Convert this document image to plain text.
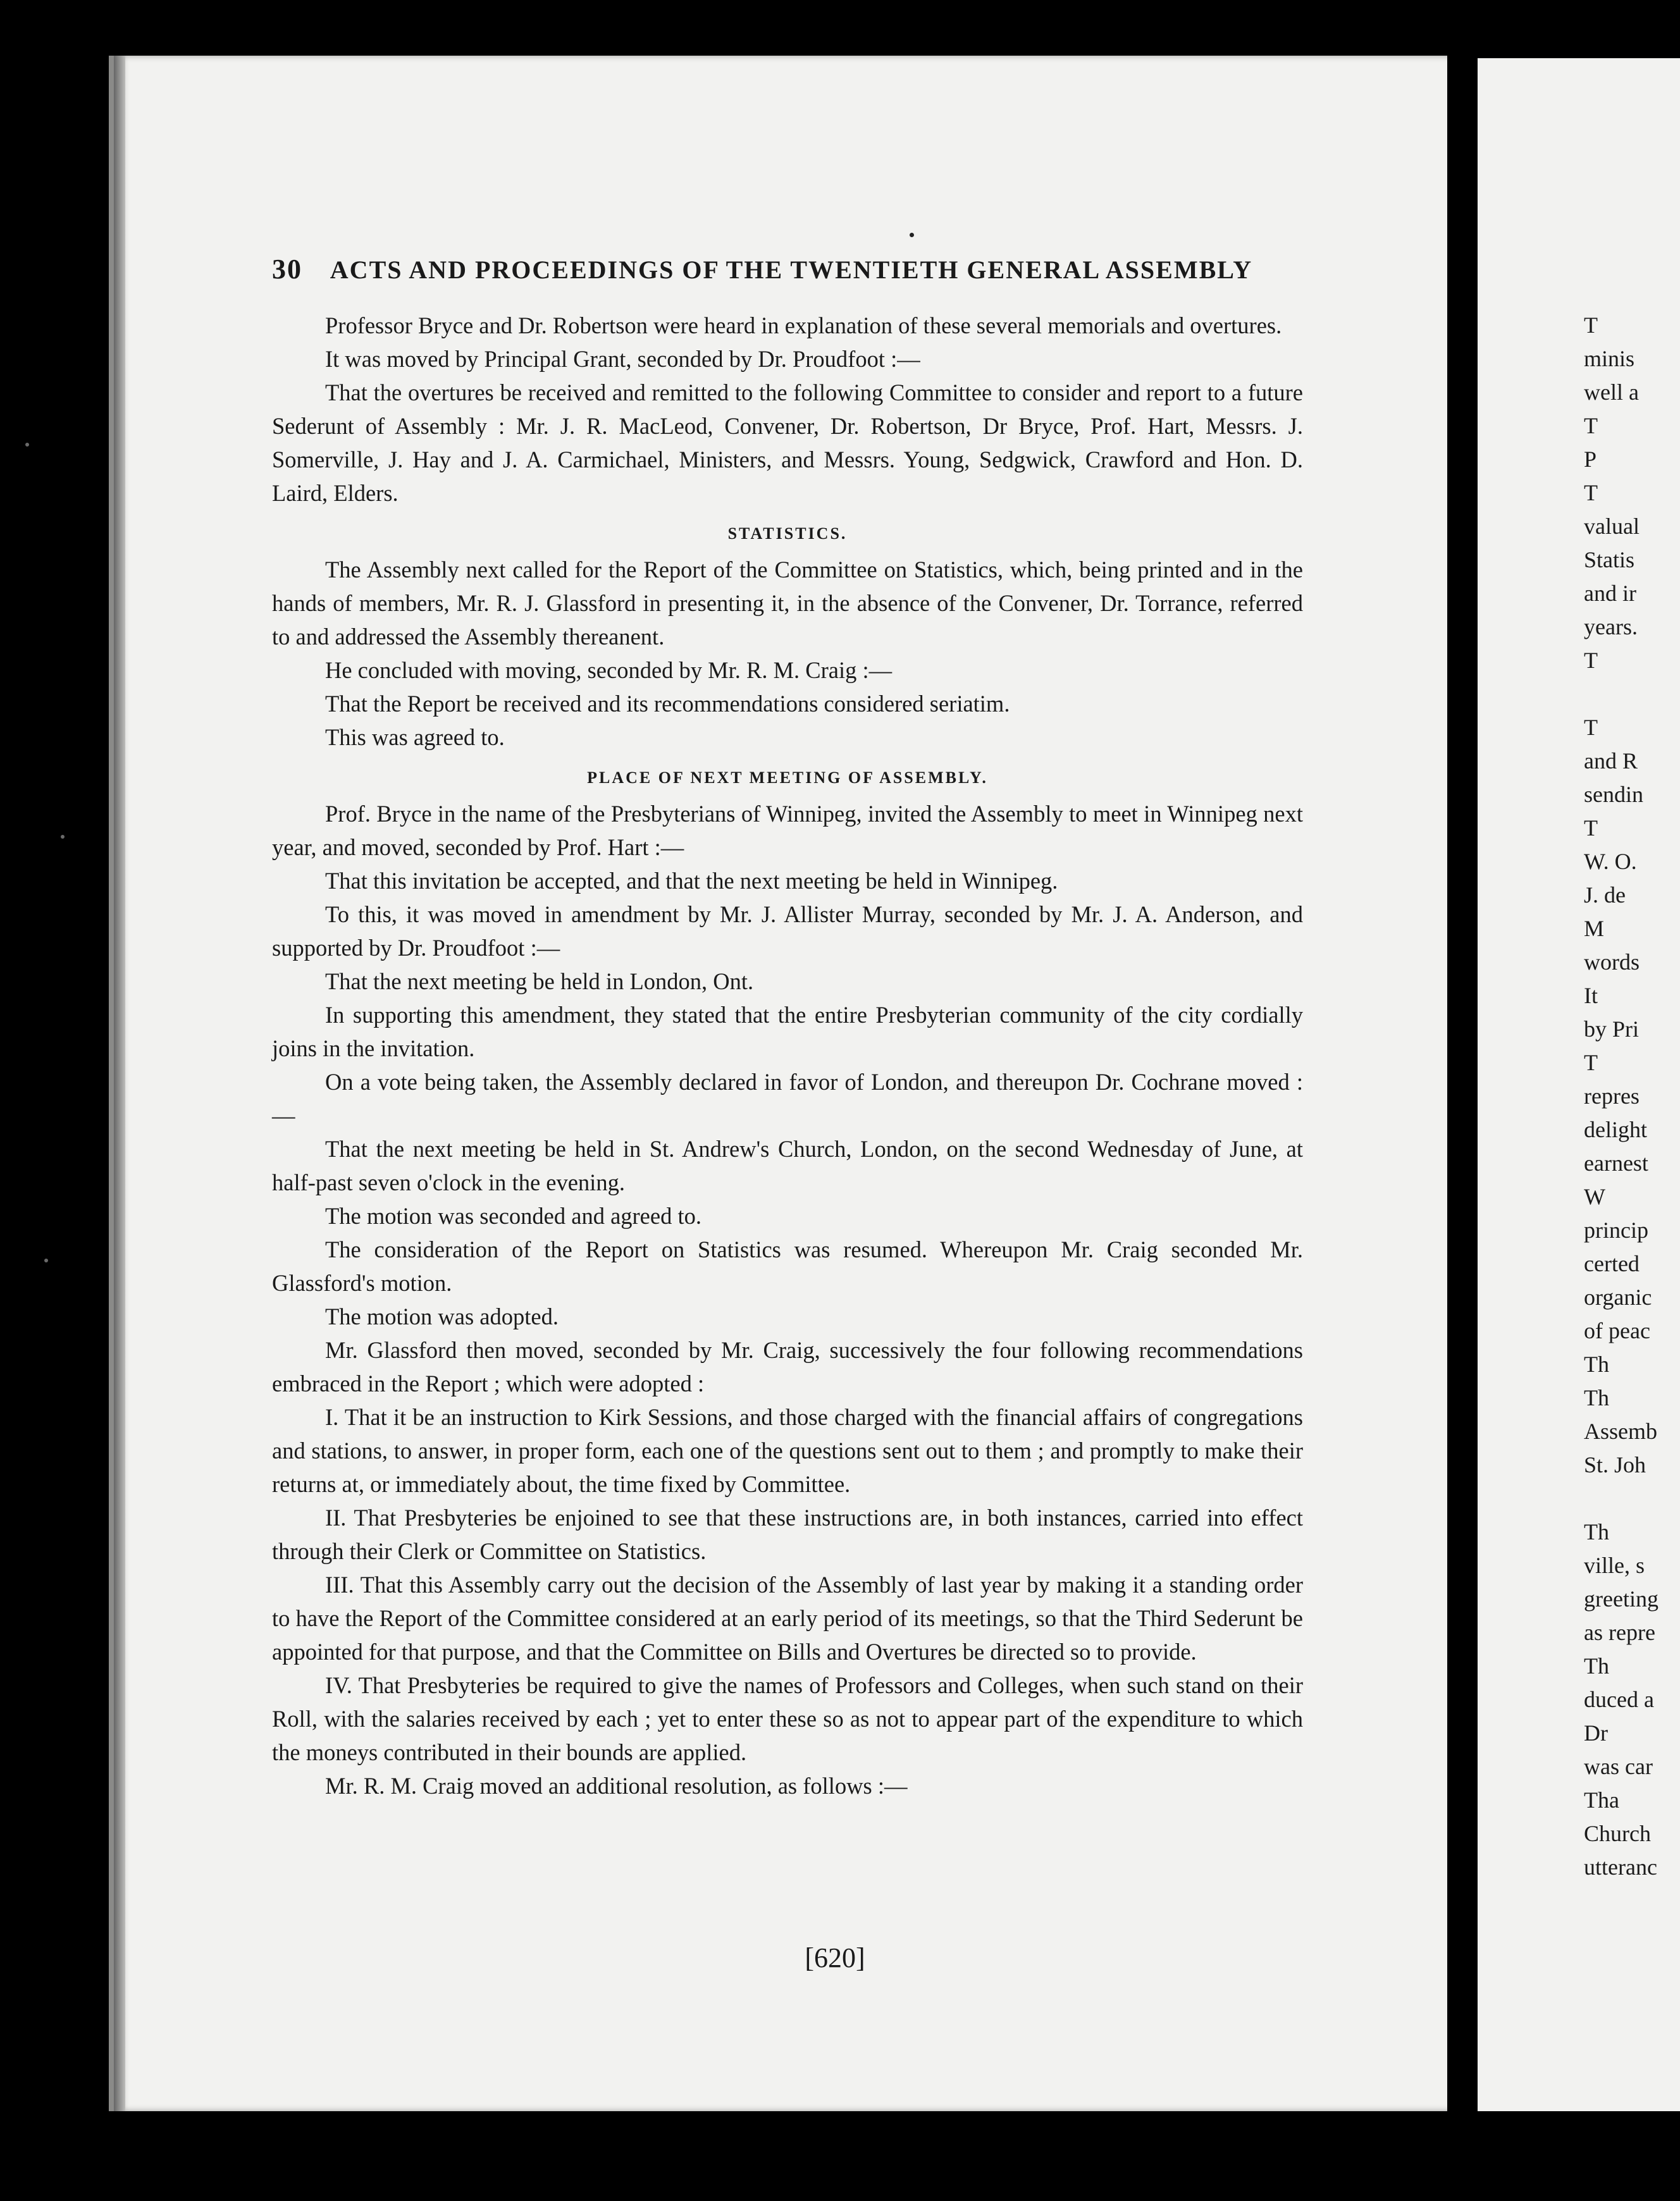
30 ACTS AND PROCEEDINGS OF THE TWENTIETH GENERAL ASSEMBLY

Professor Bryce and Dr. Robertson were heard in explanation of these several memorials and overtures.

It was moved by Principal Grant, seconded by Dr. Proudfoot :—

That the overtures be received and remitted to the following Committee to consider and report to a future Sederunt of Assembly : Mr. J. R. MacLeod, Convener, Dr. Robertson, Dr Bryce, Prof. Hart, Messrs. J. Somerville, J. Hay and J. A. Carmichael, Ministers, and Messrs. Young, Sedgwick, Crawford and Hon. D. Laird, Elders.

STATISTICS.

The Assembly next called for the Report of the Committee on Statistics, which, being printed and in the hands of members, Mr. R. J. Glassford in presenting it, in the absence of the Convener, Dr. Torrance, referred to and addressed the Assembly thereanent.

He concluded with moving, seconded by Mr. R. M. Craig :—

That the Report be received and its recommendations considered seriatim.

This was agreed to.

PLACE OF NEXT MEETING OF ASSEMBLY.

Prof. Bryce in the name of the Presbyterians of Winnipeg, invited the Assembly to meet in Winnipeg next year, and moved, seconded by Prof. Hart :—

That this invitation be accepted, and that the next meeting be held in Winnipeg.

To this, it was moved in amendment by Mr. J. Allister Murray, seconded by Mr. J. A. Anderson, and supported by Dr. Proudfoot :—

That the next meeting be held in London, Ont.

In supporting this amendment, they stated that the entire Presbyterian community of the city cordially joins in the invitation.

On a vote being taken, the Assembly declared in favor of London, and thereupon Dr. Cochrane moved :—

That the next meeting be held in St. Andrew's Church, London, on the second Wednesday of June, at half-past seven o'clock in the evening.

The motion was seconded and agreed to.

The consideration of the Report on Statistics was resumed. Whereupon Mr. Craig seconded Mr. Glassford's motion.

The motion was adopted.

Mr. Glassford then moved, seconded by Mr. Craig, successively the four following recommendations embraced in the Report ; which were adopted :

I. That it be an instruction to Kirk Sessions, and those charged with the financial affairs of congregations and stations, to answer, in proper form, each one of the questions sent out to them ; and promptly to make their returns at, or immediately about, the time fixed by Committee.

II. That Presbyteries be enjoined to see that these instructions are, in both instances, carried into effect through their Clerk or Committee on Statistics.

III. That this Assembly carry out the decision of the Assembly of last year by making it a standing order to have the Report of the Committee considered at an early period of its meetings, so that the Third Sederunt be appointed for that purpose, and that the Committee on Bills and Overtures be directed so to provide.

IV. That Presbyteries be required to give the names of Professors and Colleges, when such stand on their Roll, with the salaries received by each ; yet to enter these so as not to appear part of the expenditure to which the moneys contributed in their bounds are applied.

Mr. R. M. Craig moved an additional resolution, as follows :—

[620]
T
minis
well a
T
P
T
valual
Statis
and ir
years.
T
T
and R
sendin
T
W. O.
J. de
M
words
It
by Pri
T
repres
delight
earnest
W
princip
certed
organic
of peac
Th
Th
Assemb
St. Joh
Th
ville, s
greeting
as repre
Th
duced a
Dr
was car
Tha
Church
utteranc
